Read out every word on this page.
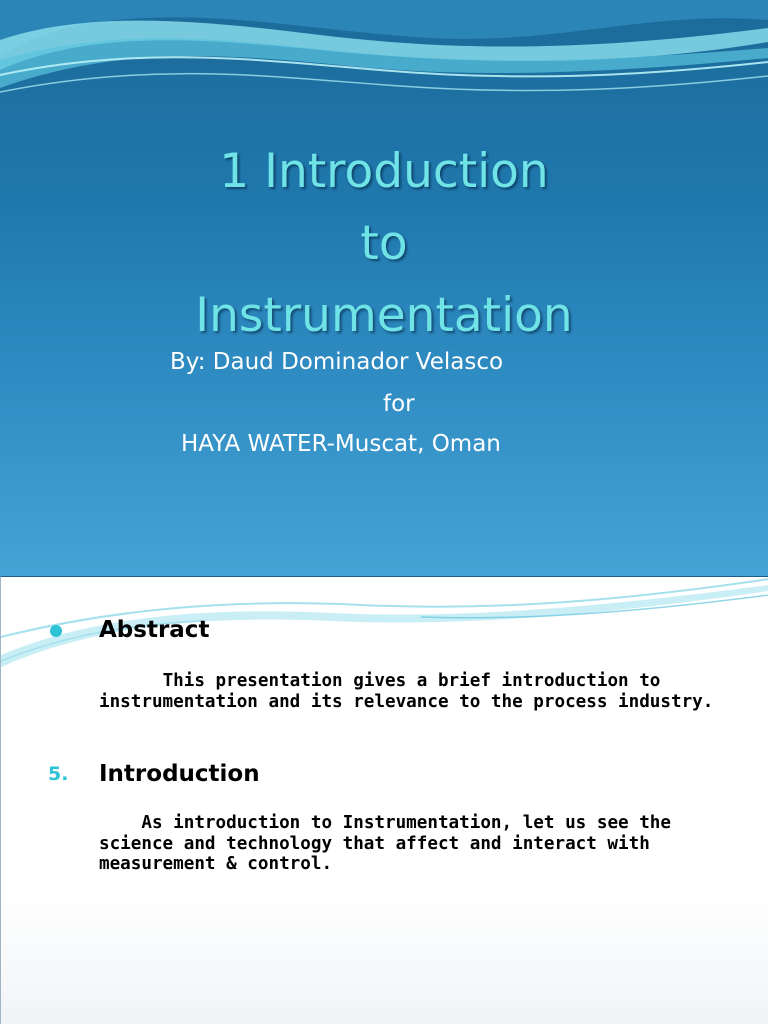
1 Introduction
to
Instrumentation
By: Daud Dominador Velasco
for
HAYA WATER-Muscat, Oman
Abstract

This presentation gives a brief introduction to instrumentation and its relevance to the process industry.

5. Introduction

As introduction to Instrumentation, let us see the science and technology that affect and interact with measurement & control.
